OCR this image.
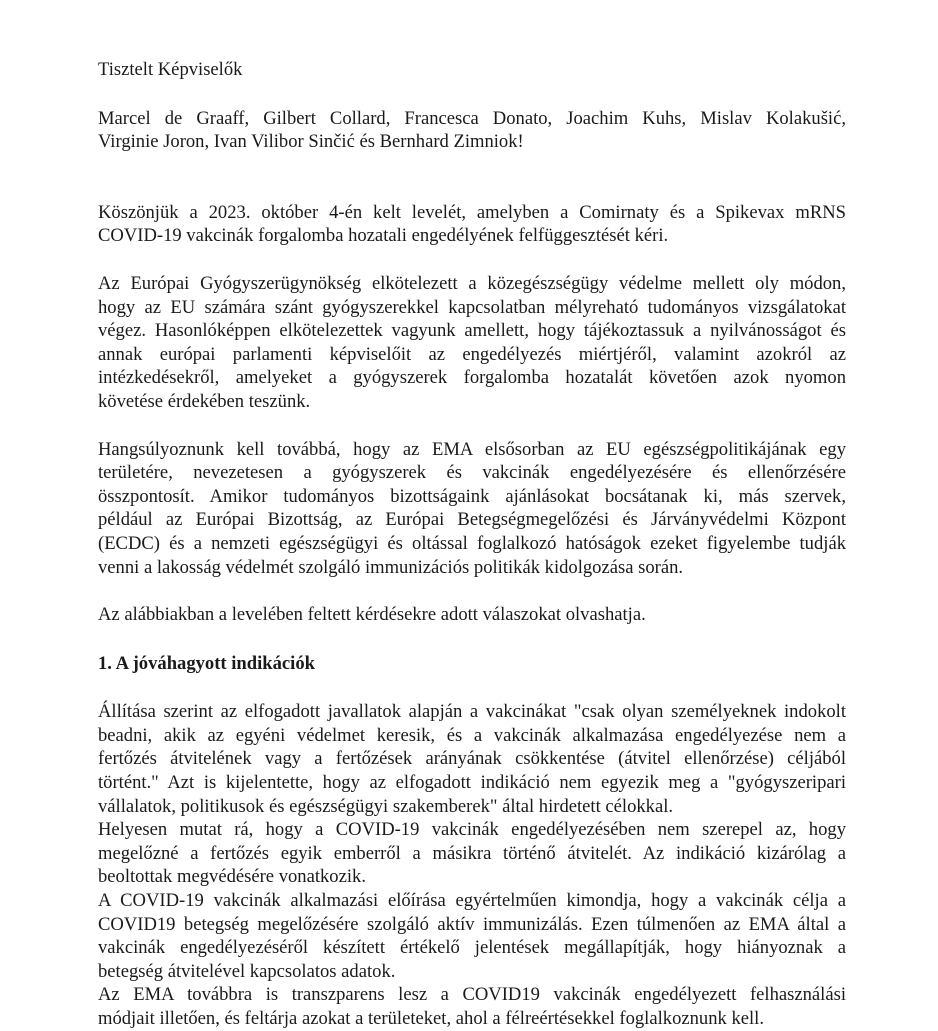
Tisztelt Képviselők
Marcel de Graaff, Gilbert Collard, Francesca Donato, Joachim Kuhs, Mislav Kolakušić,
Virginie Joron, Ivan Vilibor Sinčić és Bernhard Zimniok!
Köszönjük a 2023. október 4-én kelt levelét, amelyben a Comirnaty és a Spikevax mRNS
COVID-19 vakcinák forgalomba hozatali engedélyének felfüggesztését kéri.
Az Európai Gyógyszerügynökség elkötelezett a közegészségügy védelme mellett oly módon,
hogy az EU számára szánt gyógyszerekkel kapcsolatban mélyreható tudományos vizsgálatokat
végez. Hasonlóképpen elkötelezettek vagyunk amellett, hogy tájékoztassuk a nyilvánosságot és
annak európai parlamenti képviselőit az engedélyezés miértjéről, valamint azokról az
intézkedésekről, amelyeket a gyógyszerek forgalomba hozatalát követően azok nyomon
követése érdekében teszünk.
Hangsúlyoznunk kell továbbá, hogy az EMA elsősorban az EU egészségpolitikájának egy
területére, nevezetesen a gyógyszerek és vakcinák engedélyezésére és ellenőrzésére
összpontosít. Amikor tudományos bizottságaink ajánlásokat bocsátanak ki, más szervek,
például az Európai Bizottság, az Európai Betegségmegelőzési és Járványvédelmi Központ
(ECDC) és a nemzeti egészségügyi és oltással foglalkozó hatóságok ezeket figyelembe tudják
venni a lakosság védelmét szolgáló immunizációs politikák kidolgozása során.
Az alábbiakban a levelében feltett kérdésekre adott válaszokat olvashatja.
1. A jóváhagyott indikációk
Állítása szerint az elfogadott javallatok alapján a vakcinákat "csak olyan személyeknek indokolt
beadni, akik az egyéni védelmet keresik, és a vakcinák alkalmazása engedélyezése nem a
fertőzés átvitelének vagy a fertőzések arányának csökkentése (átvitel ellenőrzése) céljából
történt." Azt is kijelentette, hogy az elfogadott indikáció nem egyezik meg a "gyógyszeripari
vállalatok, politikusok és egészségügyi szakemberek" által hirdetett célokkal.
Helyesen mutat rá, hogy a COVID-19 vakcinák engedélyezésében nem szerepel az, hogy
megelőzné a fertőzés egyik emberről a másikra történő átvitelét. Az indikáció kizárólag a
beoltottak megvédésére vonatkozik.
A COVID-19 vakcinák alkalmazási előírása egyértelműen kimondja, hogy a vakcinák célja a
COVID19 betegség megelőzésére szolgáló aktív immunizálás. Ezen túlmenően az EMA által a
vakcinák engedélyezéséről készített értékelő jelentések megállapítják, hogy hiányoznak a
betegség átvitelével kapcsolatos adatok.
Az EMA továbbra is transzparens lesz a COVID19 vakcinák engedélyezett felhasználási
módjait illetően, és feltárja azokat a területeket, ahol a félreértésekkel foglalkoznunk kell.
